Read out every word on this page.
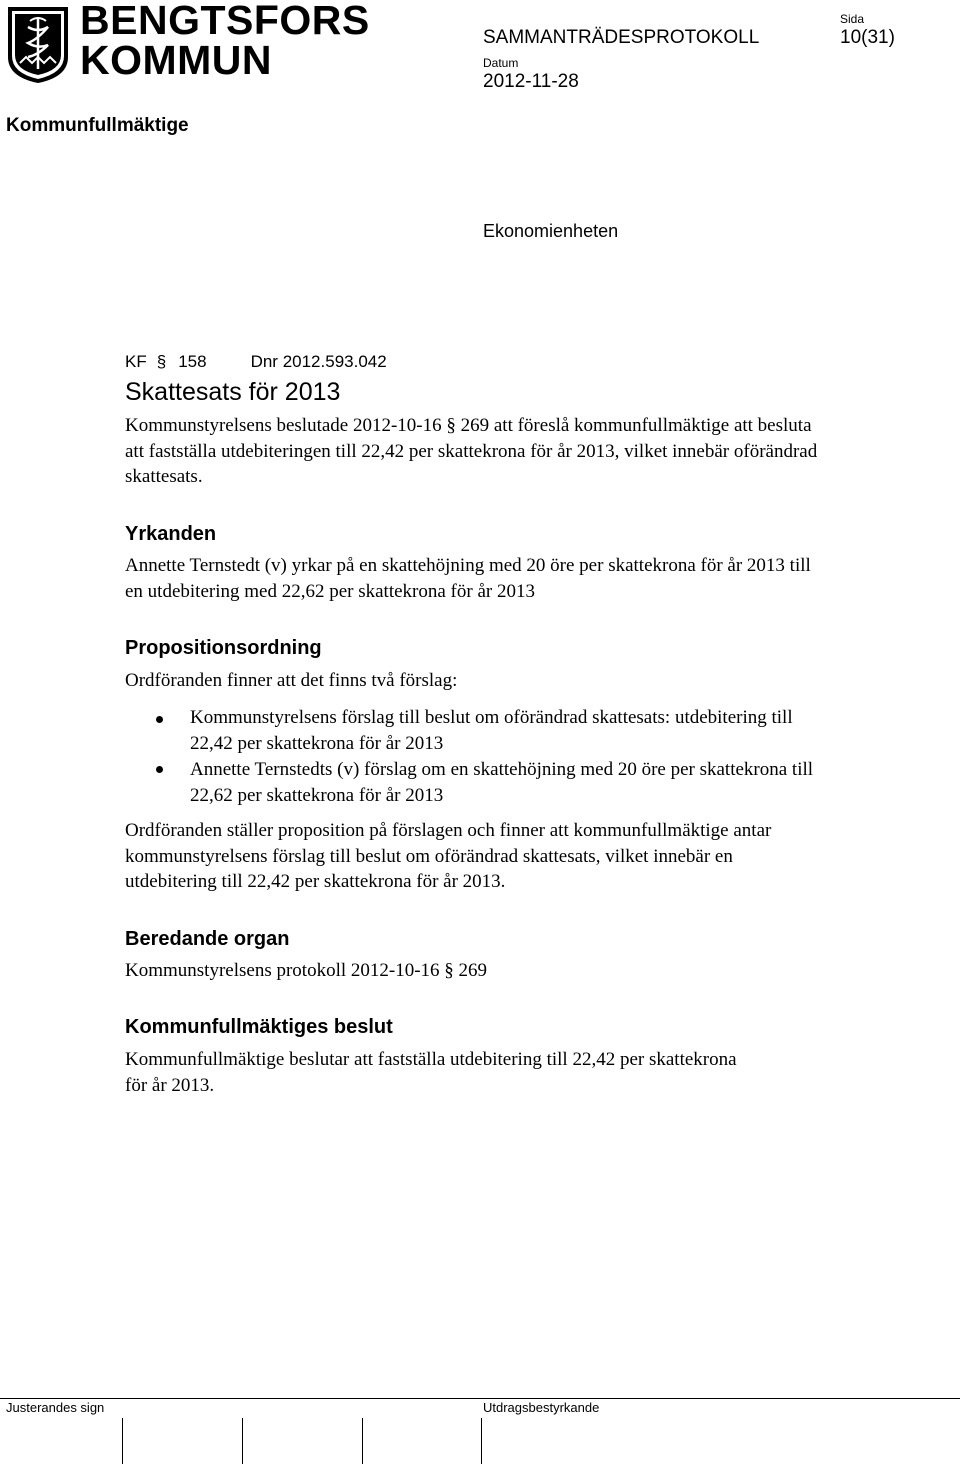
BENGTSFORS
KOMMUN	SAMMANTRÄDESPROTOKOLL
Datum
2012-11-28
Sida
10(31)
Kommunfullmäktige
Ekonomienheten
KF § 158	Dnr 2012.593.042
Skattesats för 2013
Kommunstyrelsens beslutade 2012-10-16 § 269 att föreslå kommunfullmäktige att besluta att fastställa utdebiteringen till 22,42 per skattekrona för år 2013, vilket innebär oförändrad skattesats.
Yrkanden
Annette Ternstedt (v) yrkar på en skattehöjning med 20 öre per skattekrona för år 2013 till en utdebitering med 22,62 per skattekrona för år 2013
Propositionsordning
Ordföranden finner att det finns två förslag:
Kommunstyrelsens förslag till beslut om oförändrad skattesats: utdebitering till 22,42 per skattekrona för år 2013
Annette Ternstedts (v) förslag om en skattehöjning med 20 öre per skattekrona till 22,62 per skattekrona för år 2013
Ordföranden ställer proposition på förslagen och finner att kommunfullmäktige antar kommunstyrelsens förslag till beslut om oförändrad skattesats, vilket innebär en utdebitering till 22,42 per skattekrona för år 2013.
Beredande organ
Kommunstyrelsens protokoll 2012-10-16 § 269
Kommunfullmäktiges beslut
Kommunfullmäktige beslutar att fastställa utdebitering till 22,42 per skattekrona för år 2013.
Justerandes sign	Utdragsbestyrkande
